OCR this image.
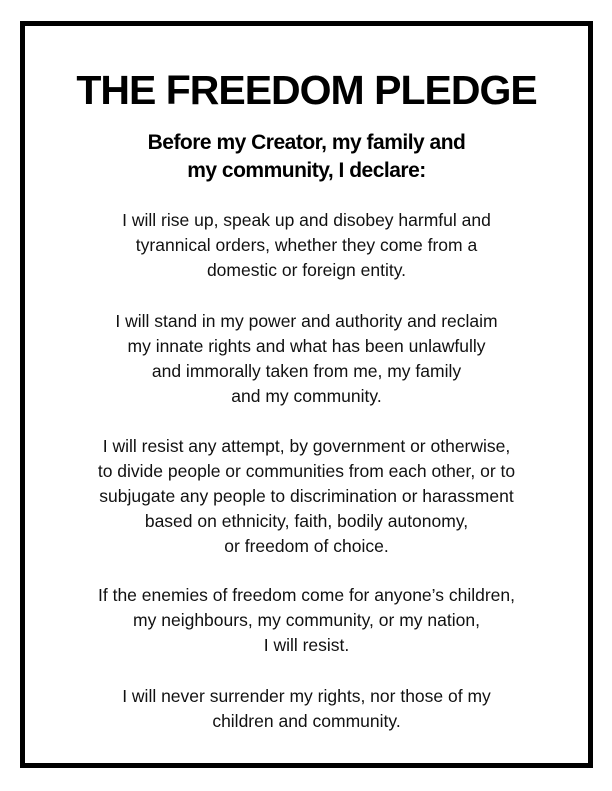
THE FREEDOM PLEDGE
Before my Creator, my family and
my community, I declare:

I will rise up, speak up and disobey harmful and
tyrannical orders, whether they come from a
domestic or foreign entity.

I will stand in my power and authority and reclaim
my innate rights and what has been unlawfully
and immorally taken from me, my family
and my community.

I will resist any attempt, by government or otherwise,
to divide people or communities from each other, or to
subjugate any people to discrimination or harassment
based on ethnicity, faith, bodily autonomy,
or freedom of choice.

If the enemies of freedom come for anyone’s children,
my neighbours, my community, or my nation,
I will resist.

I will never surrender my rights, nor those of my
children and community.
